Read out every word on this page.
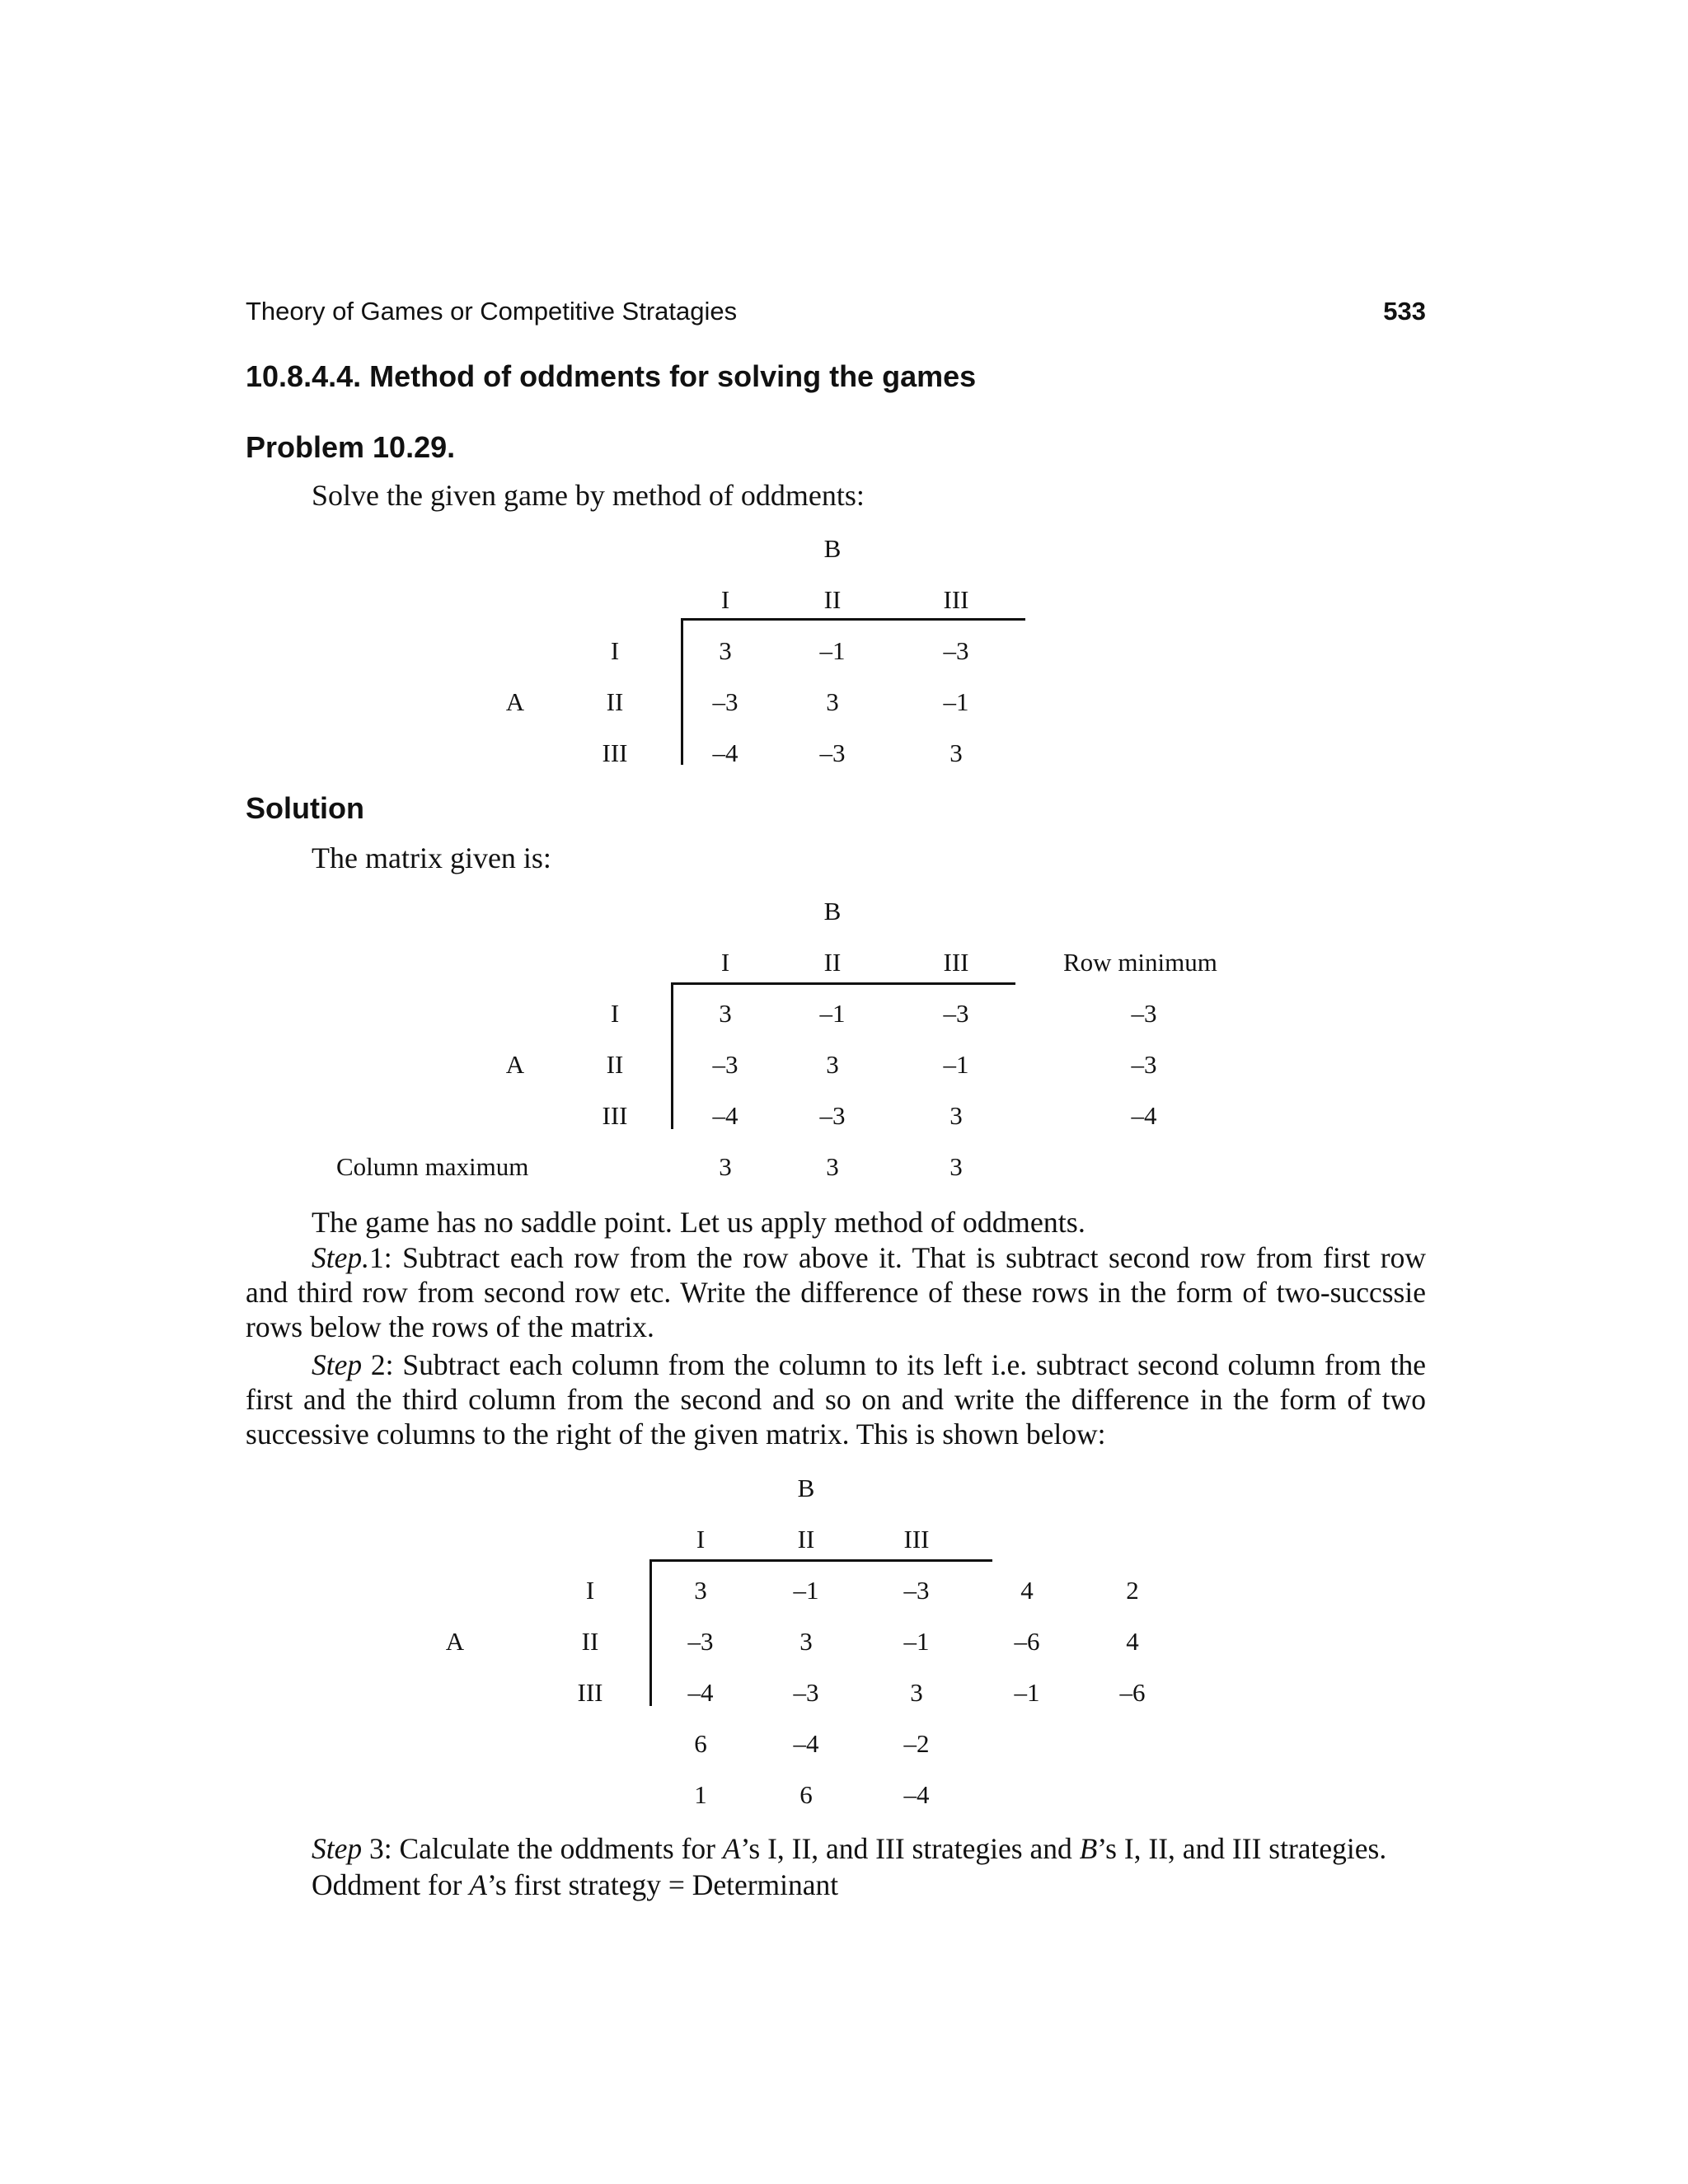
Theory of Games or Competitive Stratagies	533
10.8.4.4. Method of oddments for solving the games
Problem 10.29.
Solve the given game by method of oddments:
B
I	II	III
A
I	3	–1	–3
II	–3	3	–1
III	–4	–3	3
Solution
The matrix given is:
B
I	II	III	Row minimum
A
I	3	–1	–3	–3
II	–3	3	–1	–3
III	–4	–3	3	–4
Column maximum	3	3	3
The game has no saddle point. Let us apply method of oddments.
Step.1: Subtract each row from the row above it. That is subtract second row from first row and third row from second row etc. Write the difference of these rows in the form of two-succssie rows below the rows of the matrix.
Step 2: Subtract each column from the column to its left i.e. subtract second column from the first and the third column from the second and so on and write the difference in the form of two successive columns to the right of the given matrix. This is shown below:
B
I	II	III
A
I	3	–1	–3	4	2
II	–3	3	–1	–6	4
III	–4	–3	3	–1	–6
6	–4	–2
1	6	–4
Step 3: Calculate the oddments for A’s I, II, and III strategies and B’s I, II, and III strategies.
Oddment for A’s first strategy = Determinant
